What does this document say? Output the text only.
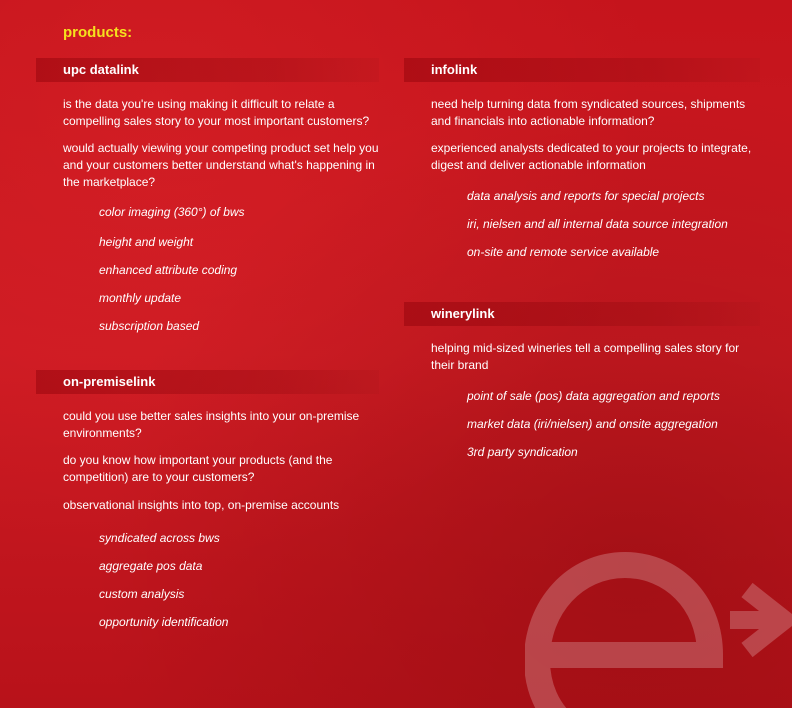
products:
upc datalink
is the data you're using making it difficult to relate a compelling sales story to your most important customers?
would actually viewing your competing product set help you and your customers better understand what's happening in the marketplace?
color imaging (360°) of bws
height and weight
enhanced attribute coding
monthly update
subscription based
on-premiselink
could you use better sales insights into your on-premise environments?
do you know how important your products (and the competition) are to your customers?
observational insights into top, on-premise accounts
syndicated across bws
aggregate pos data
custom analysis
opportunity identification
infolink
need help turning data from syndicated sources, shipments and financials into actionable information?
experienced analysts dedicated to your projects to integrate, digest and deliver actionable information
data analysis and reports for special projects
iri, nielsen and all internal data source integration
on-site and remote service available
winerylink
helping mid-sized wineries tell a compelling sales story for their brand
point of sale (pos) data aggregation and reports
market data (iri/nielsen) and onsite aggregation
3rd party syndication
